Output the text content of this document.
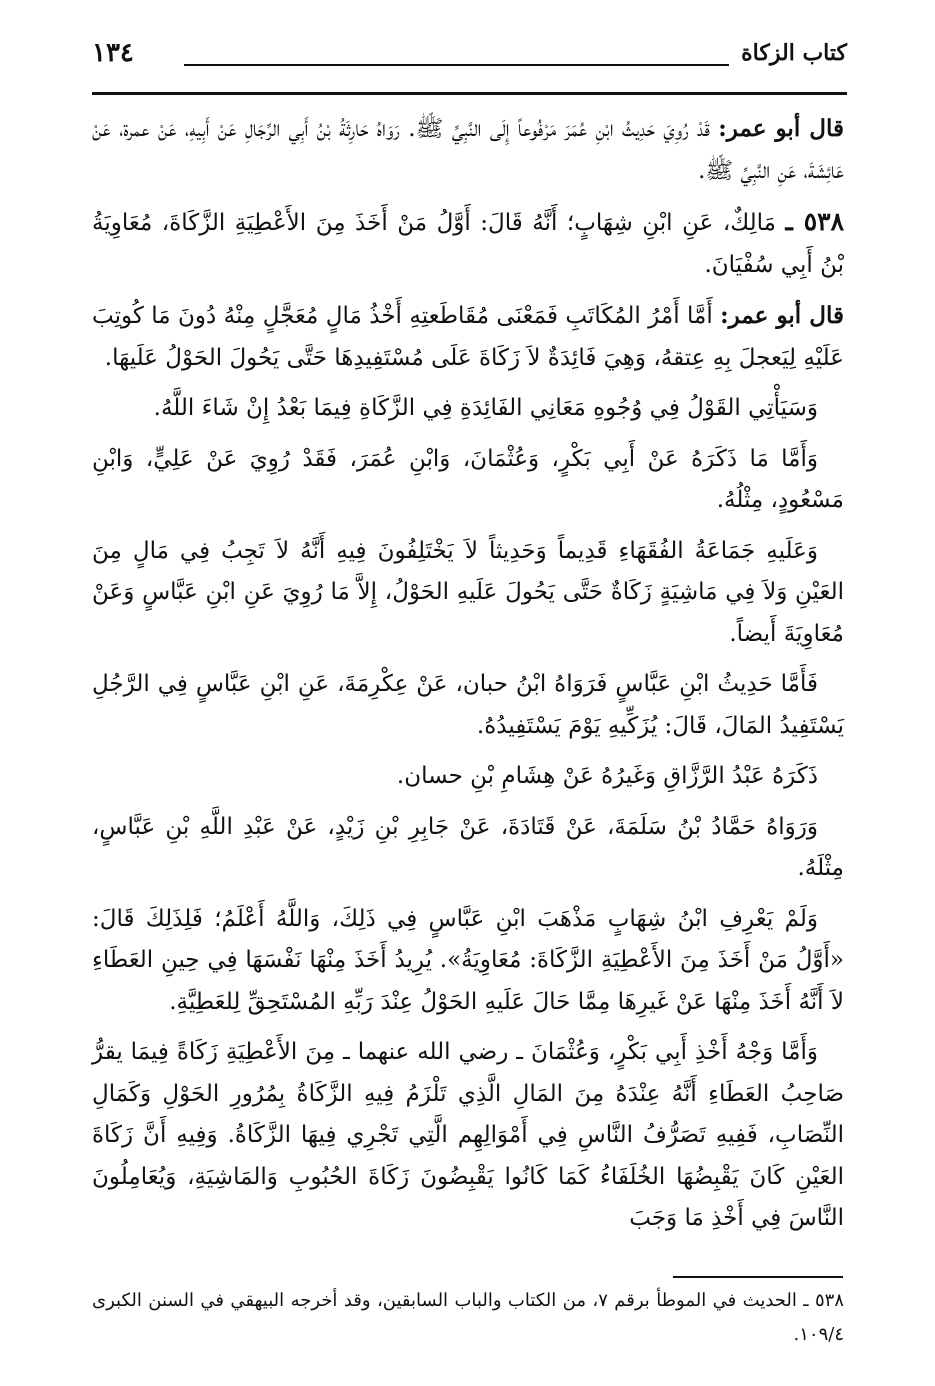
كتاب الزكاة
١٣٤

قال أبو عمر: قَدْ رُوِيَ حَدِيثُ ابْنِ عُمَرَ مَرْفُوعاً إِلَى النَّبِيِّ ﷺ. رَوَاهُ حَارِثَةُ بْنُ أَبِي الرِّجَالِ عَنْ أَبِيهِ، عَنْ عمرة، عَنْ عَائِشَةَ، عَنِ النَّبِيِّ ﷺ.

٥٣٨ ـ مَالِكٌ، عَنِ ابْنِ شِهَابٍ؛ أَنَّهُ قَالَ: أَوَّلُ مَنْ أَخَذَ مِنَ الأَعْطِيَةِ الزَّكَاةَ، مُعَاوِيَةُ بْنُ أَبِي سُفْيَانَ.

قال أبو عمر: أَمَّا أَمْرُ المُكَاتَبِ فَمَعْنَى مُقَاطَعتِهِ أَخْذُ مَالٍ مُعَجَّلٍ مِنْهُ دُونَ مَا كُوتِبَ عَلَيْهِ لِيَعجلَ بِهِ عِتقهُ، وَهِيَ فَائِدَةٌ لاَ زَكَاةَ عَلَى مُسْتَفِيدِهَا حَتَّى يَحُولَ الحَوْلُ عَلَيهَا.

وَسَيَأْتِي القَوْلُ فِي وُجُوهِ مَعَانِي الفَائِدَةِ فِي الزَّكَاةِ فِيمَا بَعْدُ إِنْ شَاءَ اللَّهُ.

وَأَمَّا مَا ذَكَرَهُ عَنْ أَبِي بَكْرٍ، وَعُثْمَانَ، وَابْنِ عُمَرَ، فَقَدْ رُوِيَ عَنْ عَلِيٍّ، وَابْنِ مَسْعُودٍ، مِثْلُهُ.

وَعَلَيهِ جَمَاعَةُ الفُقَهَاءِ قَدِيماً وَحَدِيثاً لاَ يَخْتَلِفُونَ فِيهِ أَنَّهُ لاَ تَجِبُ فِي مَالٍ مِنَ العَيْنِ وَلاَ فِي مَاشِيَةٍ زَكَاةٌ حَتَّى يَحُولَ عَلَيهِ الحَوْلُ، إِلاَّ مَا رُوِيَ عَنِ ابْنِ عَبَّاسٍ وَعَنْ مُعَاوِيَةَ أَيضاً.

فَأَمَّا حَدِيثُ ابْنِ عَبَّاسٍ فَرَوَاهُ ابْنُ حبان، عَنْ عِكْرِمَةَ، عَنِ ابْنِ عَبَّاسٍ فِي الرَّجُلِ يَسْتَفِيدُ المَالَ، قَالَ: يُزَكِّيهِ يَوْمَ يَسْتَفِيدُهُ.

ذَكَرَهُ عَبْدُ الرَّزَّاقِ وَغَيرُهُ عَنْ هِشَامِ بْنِ حسان.

وَرَوَاهُ حَمَّادُ بْنُ سَلَمَةَ، عَنْ قَتَادَةَ، عَنْ جَابِرِ بْنِ زَيْدٍ، عَنْ عَبْدِ اللَّهِ بْنِ عَبَّاسٍ، مِثْلَهُ.

وَلَمْ يَعْرِفِ ابْنُ شِهَابٍ مَذْهَبَ ابْنِ عَبَّاسٍ فِي ذَلِكَ، وَاللَّهُ أَعْلَمُ؛ فَلِذَلِكَ قَالَ: «أَوَّلُ مَنْ أَخَذَ مِنَ الأَعْطِيَةِ الزَّكَاةَ: مُعَاوِيَةُ». يُرِيدُ أَخَذَ مِنْهَا نَفْسَهَا فِي حِينِ العَطَاءِ لاَ أَنَّهُ أَخَذَ مِنْهَا عَنْ غَيرِهَا مِمَّا حَالَ عَلَيهِ الحَوْلُ عِنْدَ رَبِّهِ المُسْتَحِقِّ لِلعَطِيَّةِ.

وَأَمَّا وَجْهُ أَخْذِ أَبِي بَكْرٍ، وَعُثْمَانَ ـ رضي الله عنهما ـ مِنَ الأَعْطِيَةِ زَكَاةً فِيمَا يقرُّ صَاحِبُ العَطَاءِ أَنَّهُ عِنْدَهُ مِنَ المَالِ الَّذِي تَلْزَمُ فِيهِ الزَّكَاةُ بِمُرُورِ الحَوْلِ وَكَمَالِ النِّصَابِ، فَفِيهِ تَصَرُّفُ النَّاسِ فِي أَمْوَالِهِم الَّتِي تَجْرِي فِيهَا الزَّكَاةُ. وَفِيهِ أَنَّ زَكَاةَ العَيْنِ كَانَ يَقْبِضُهَا الخُلَفَاءُ كَمَا كَانُوا يَقْبِضُونَ زَكَاةَ الحُبُوبِ وَالمَاشِيَةِ، وَيُعَامِلُونَ النَّاسَ فِي أَخْذِ مَا وَجَبَ

٥٣٨ ـ الحديث في الموطأ برقم ٧، من الكتاب والباب السابقين، وقد أخرجه البيهقي في السنن الكبرى ١٠٩/٤.
